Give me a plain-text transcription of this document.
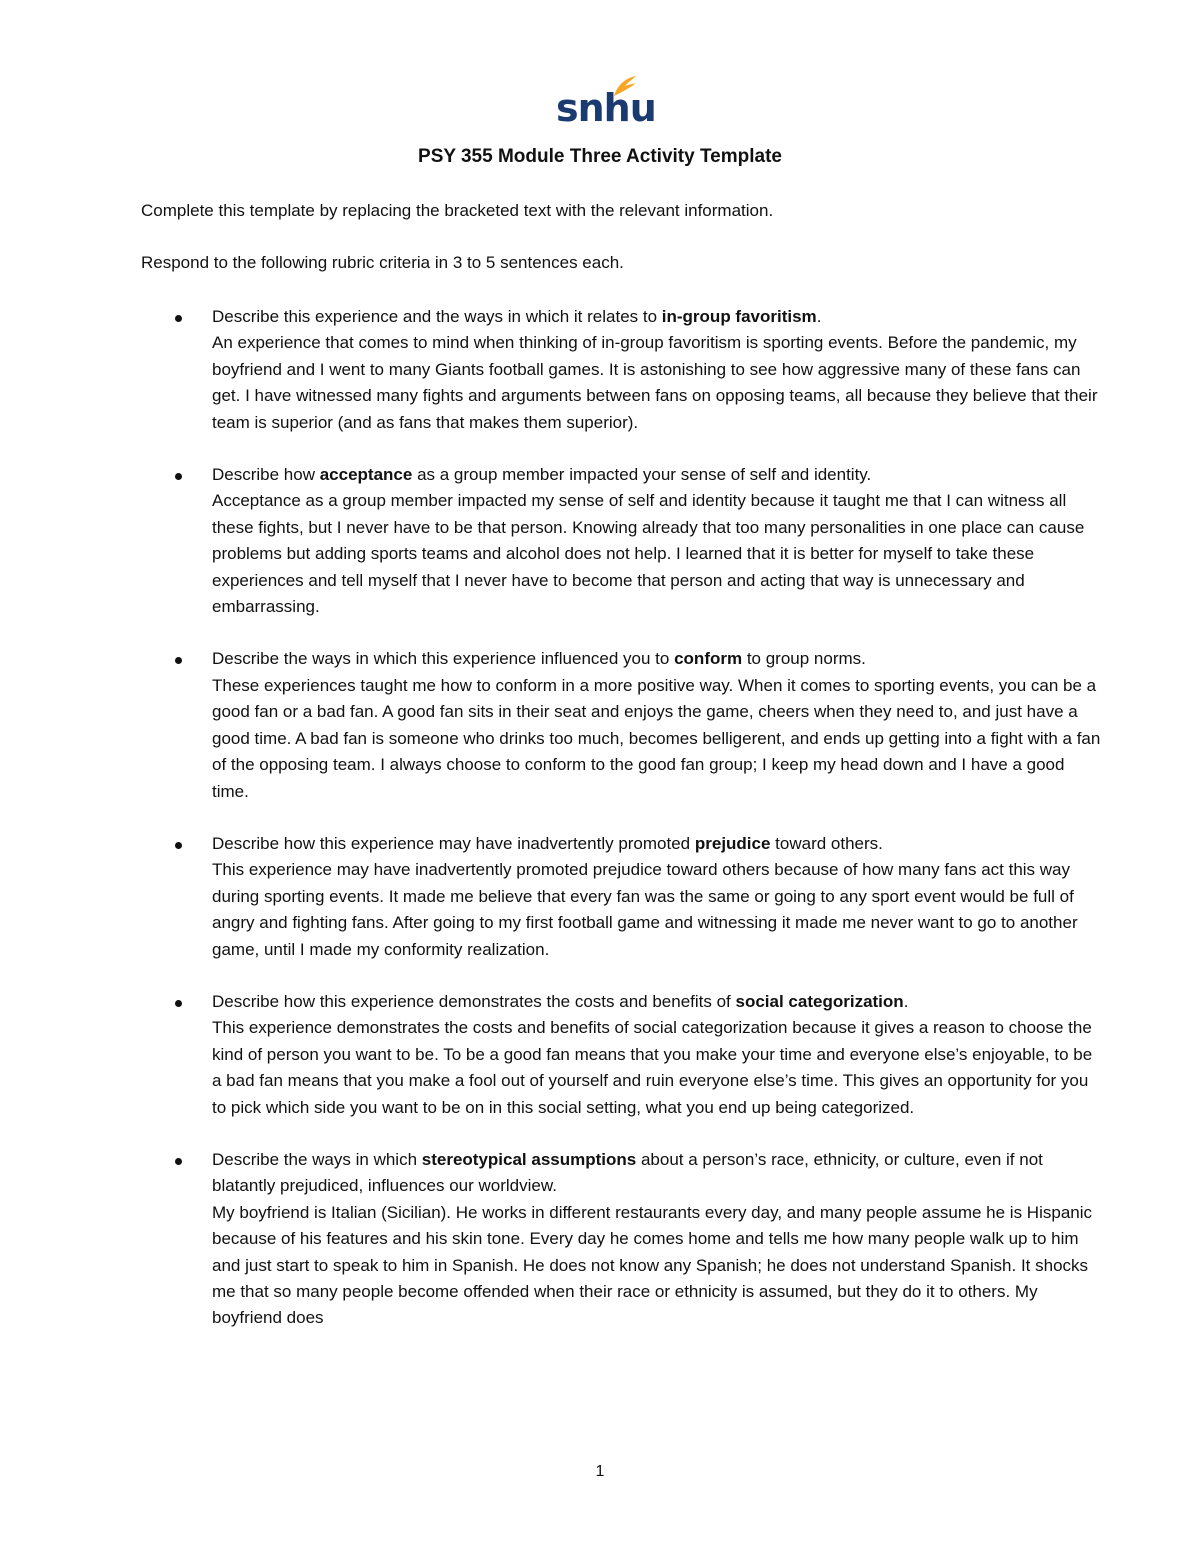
snhu
PSY 355 Module Three Activity Template
Complete this template by replacing the bracketed text with the relevant information.
Respond to the following rubric criteria in 3 to 5 sentences each.
Describe this experience and the ways in which it relates to in-group favoritism.
An experience that comes to mind when thinking of in-group favoritism is sporting events. Before the pandemic, my boyfriend and I went to many Giants football games. It is astonishing to see how aggressive many of these fans can get. I have witnessed many fights and arguments between fans on opposing teams, all because they believe that their team is superior (and as fans that makes them superior).
Describe how acceptance as a group member impacted your sense of self and identity.
Acceptance as a group member impacted my sense of self and identity because it taught me that I can witness all these fights, but I never have to be that person. Knowing already that too many personalities in one place can cause problems but adding sports teams and alcohol does not help. I learned that it is better for myself to take these experiences and tell myself that I never have to become that person and acting that way is unnecessary and embarrassing.
Describe the ways in which this experience influenced you to conform to group norms.
These experiences taught me how to conform in a more positive way. When it comes to sporting events, you can be a good fan or a bad fan. A good fan sits in their seat and enjoys the game, cheers when they need to, and just have a good time. A bad fan is someone who drinks too much, becomes belligerent, and ends up getting into a fight with a fan of the opposing team. I always choose to conform to the good fan group; I keep my head down and I have a good time.
Describe how this experience may have inadvertently promoted prejudice toward others.
This experience may have inadvertently promoted prejudice toward others because of how many fans act this way during sporting events. It made me believe that every fan was the same or going to any sport event would be full of angry and fighting fans. After going to my first football game and witnessing it made me never want to go to another game, until I made my conformity realization.
Describe how this experience demonstrates the costs and benefits of social categorization.
This experience demonstrates the costs and benefits of social categorization because it gives a reason to choose the kind of person you want to be. To be a good fan means that you make your time and everyone else’s enjoyable, to be a bad fan means that you make a fool out of yourself and ruin everyone else’s time. This gives an opportunity for you to pick which side you want to be on in this social setting, what you end up being categorized.
Describe the ways in which stereotypical assumptions about a person’s race, ethnicity, or culture, even if not blatantly prejudiced, influences our worldview.
My boyfriend is Italian (Sicilian). He works in different restaurants every day, and many people assume he is Hispanic because of his features and his skin tone. Every day he comes home and tells me how many people walk up to him and just start to speak to him in Spanish. He does not know any Spanish; he does not understand Spanish. It shocks me that so many people become offended when their race or ethnicity is assumed, but they do it to others. My boyfriend does
1
